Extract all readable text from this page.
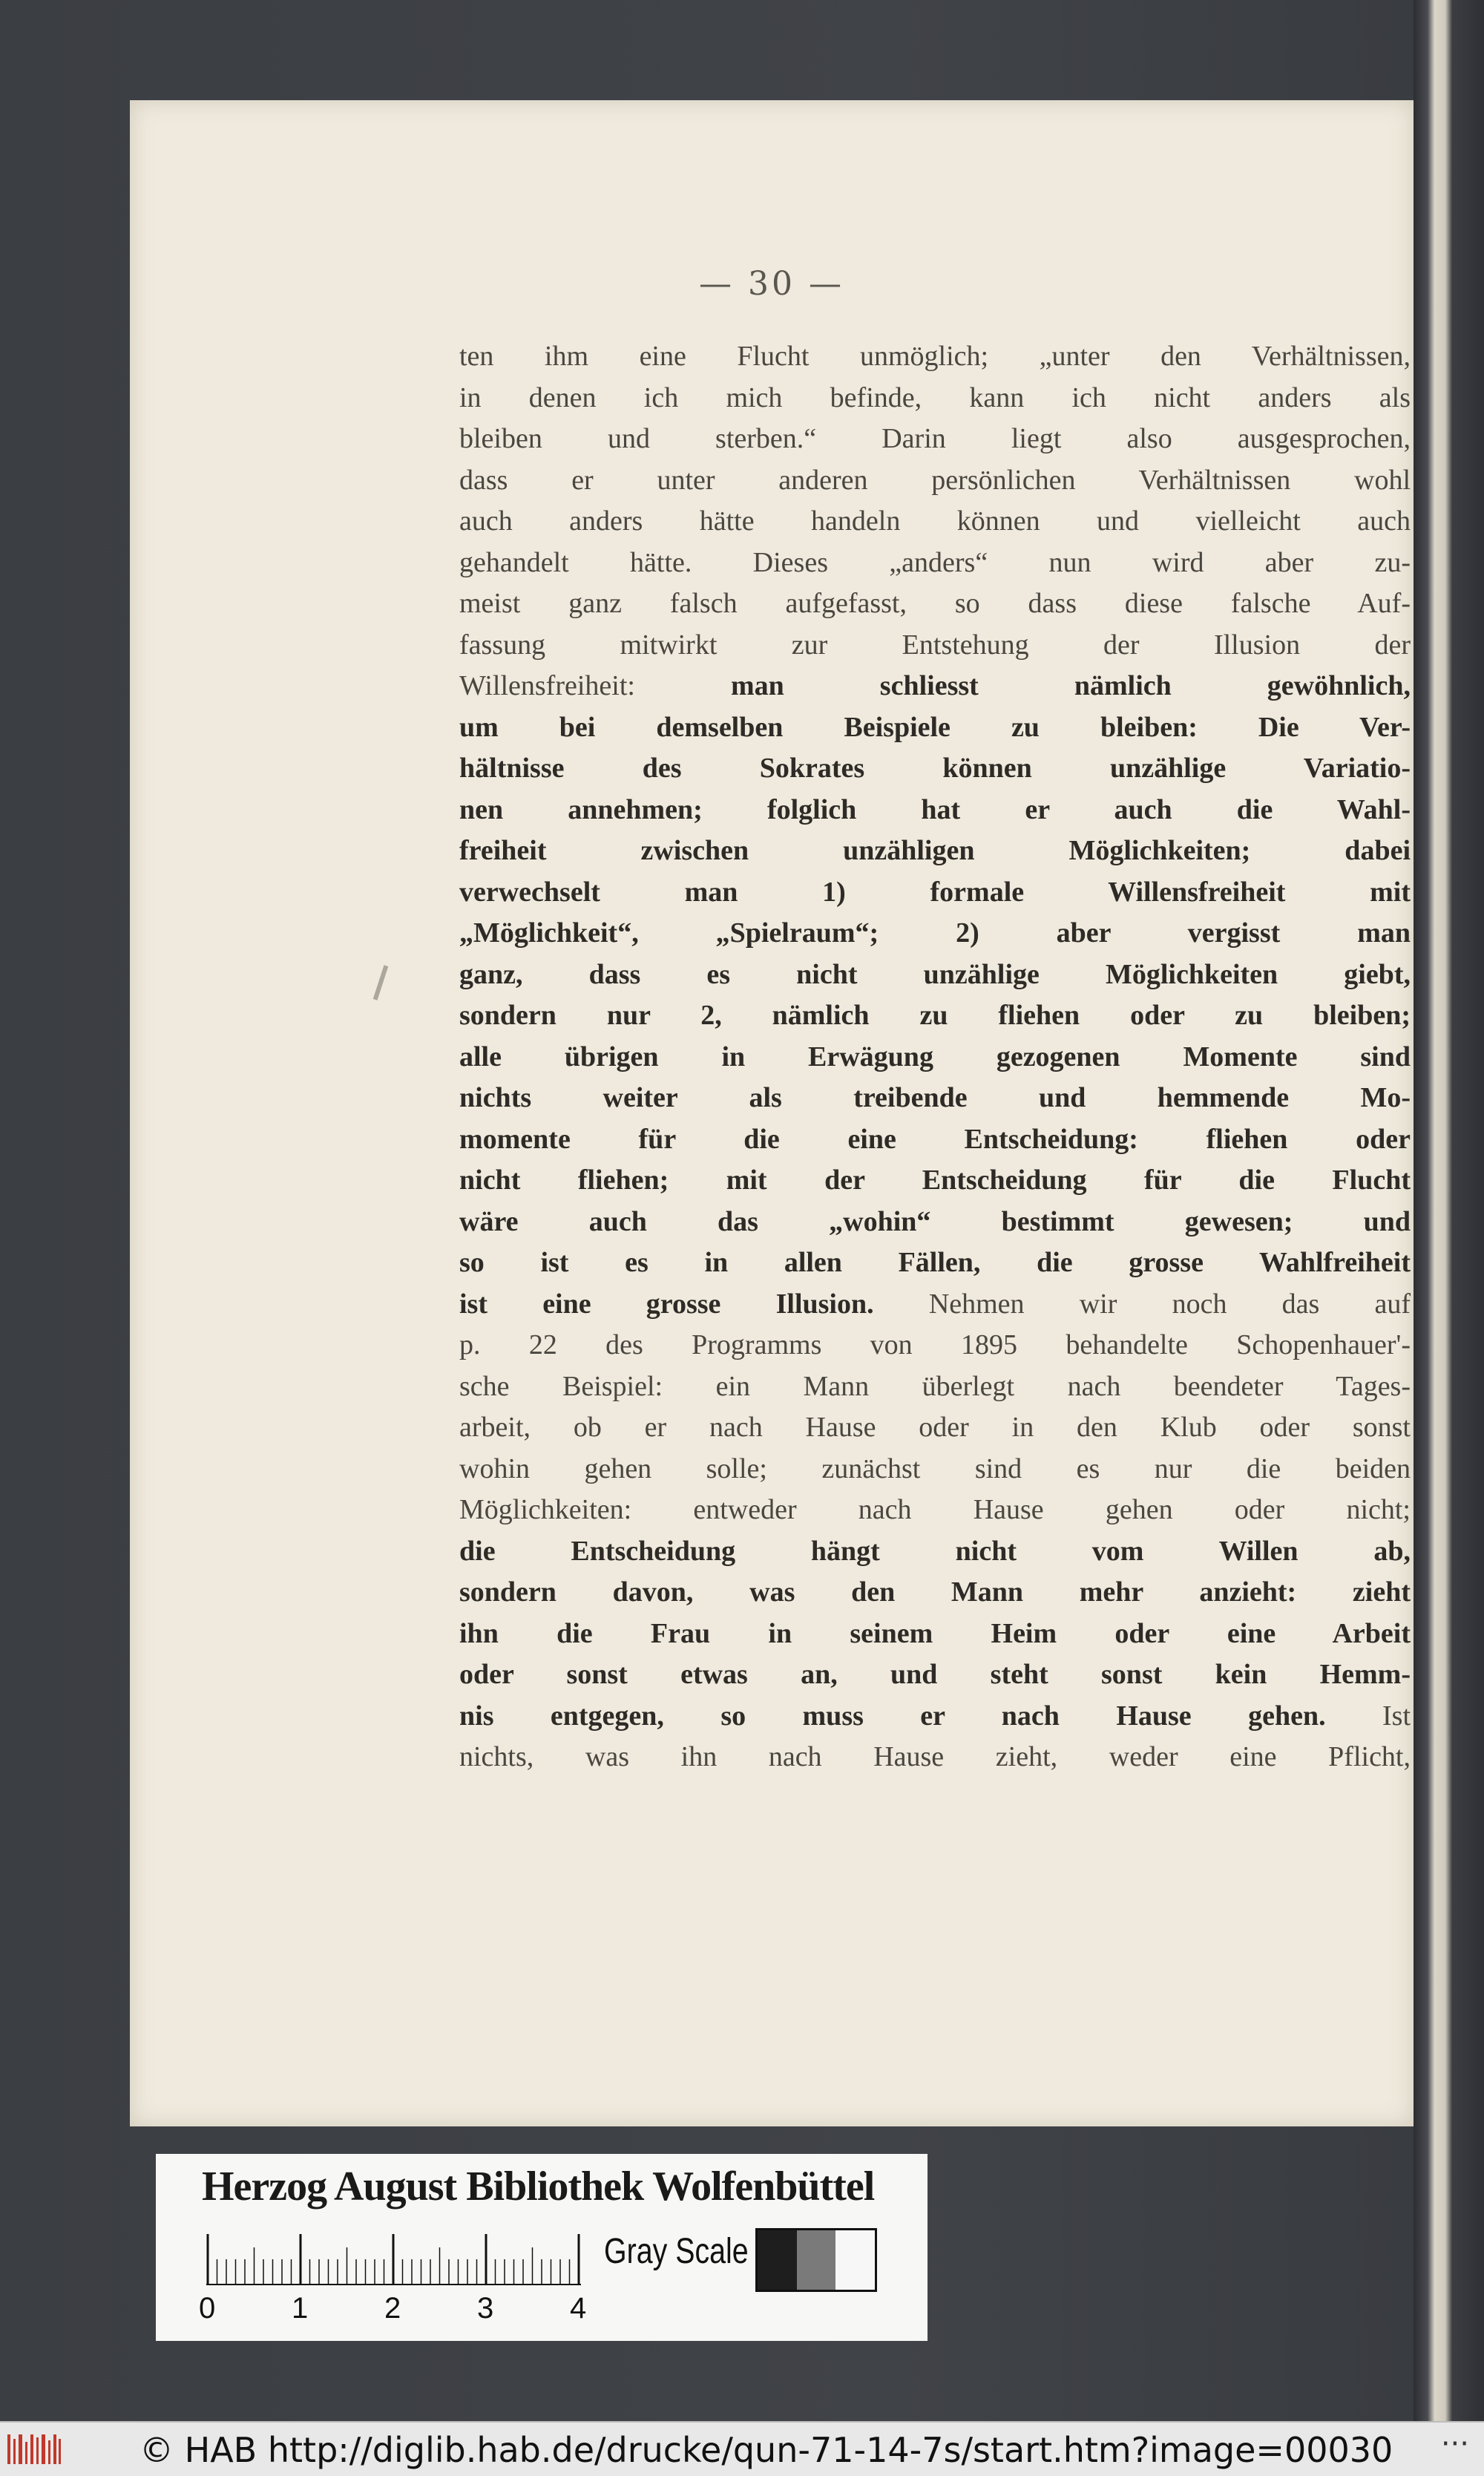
— 30 —
ten ihm eine Flucht unmöglich; „unter den Verhältnissen,
in denen ich mich befinde, kann ich nicht anders als
bleiben und sterben.“ Darin liegt also ausgesprochen,
dass er unter anderen persönlichen Verhältnissen wohl
auch anders hätte handeln können und vielleicht auch
gehandelt hätte. Dieses „anders“ nun wird aber zu-
meist ganz falsch aufgefasst, so dass diese falsche Auf-
fassung mitwirkt zur Entstehung der Illusion der
Willensfreiheit: man schliesst nämlich gewöhnlich,
um bei demselben Beispiele zu bleiben: Die Ver-
hältnisse des Sokrates können unzählige Variatio-
nen annehmen; folglich hat er auch die Wahl-
freiheit zwischen unzähligen Möglichkeiten; dabei
verwechselt man 1) formale Willensfreiheit mit
„Möglichkeit“, „Spielraum“; 2) aber vergisst man
ganz, dass es nicht unzählige Möglichkeiten giebt,
sondern nur 2, nämlich zu fliehen oder zu bleiben;
alle übrigen in Erwägung gezogenen Momente sind
nichts weiter als treibende und hemmende Mo-
momente für die eine Entscheidung: fliehen oder
nicht fliehen; mit der Entscheidung für die Flucht
wäre auch das „wohin“ bestimmt gewesen; und
so ist es in allen Fällen, die grosse Wahlfreiheit
ist eine grosse Illusion. Nehmen wir noch das auf
p. 22 des Programms von 1895 behandelte Schopenhauer'-
sche Beispiel: ein Mann überlegt nach beendeter Tages-
arbeit, ob er nach Hause oder in den Klub oder sonst
wohin gehen solle; zunächst sind es nur die beiden
Möglichkeiten: entweder nach Hause gehen oder nicht;
die Entscheidung hängt nicht vom Willen ab,
sondern davon, was den Mann mehr anzieht: zieht
ihn die Frau in seinem Heim oder eine Arbeit
oder sonst etwas an, und steht sonst kein Hemm-
nis entgegen, so muss er nach Hause gehen. Ist
nichts, was ihn nach Hause zieht, weder eine Pflicht,
Herzog August Bibliothek Wolfenbüttel
0	1	2	3	4
Gray Scale
© HAB http://diglib.hab.de/drucke/qun-71-14-7s/start.htm?image=00030 ···
